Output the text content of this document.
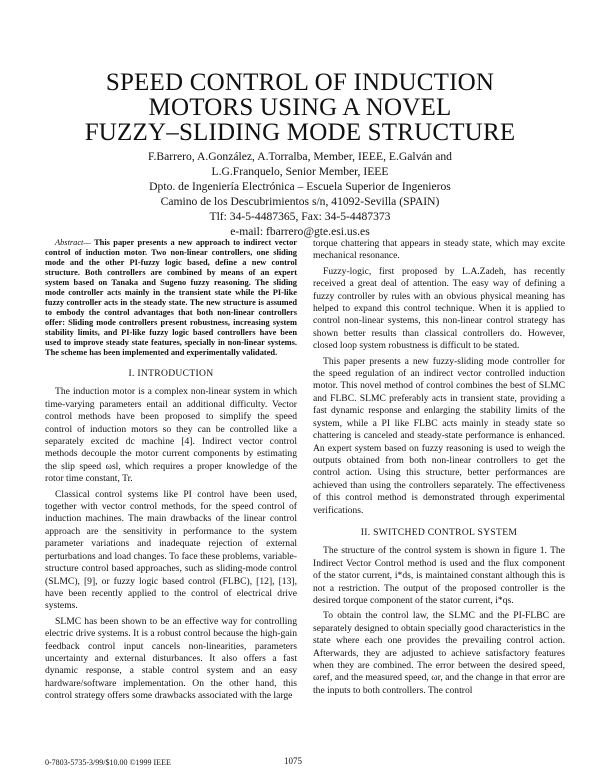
SPEED CONTROL OF INDUCTION
MOTORS USING A NOVEL
FUZZY–SLIDING MODE STRUCTURE
F.Barrero, A.González, A.Torralba, Member, IEEE, E.Galván and
L.G.Franquelo, Senior Member, IEEE
Dpto. de Ingeniería Electrónica – Escuela Superior de Ingenieros
Camino de los Descubrimientos s/n, 41092-Sevilla (SPAIN)
Tlf: 34-5-4487365, Fax: 34-5-4487373
e-mail: fbarrero@gte.esi.us.es

Abstract— This paper presents a new approach to indirect vector control of induction motor. Two non-linear controllers, one sliding mode and the other PI-fuzzy logic based, define a new control structure. Both controllers are combined by means of an expert system based on Tanaka and Sugeno fuzzy reasoning. The sliding mode controller acts mainly in the transient state while the PI-like fuzzy controller acts in the steady state. The new structure is assumed to embody the control advantages that both non-linear controllers offer: Sliding mode controllers present robustness, increasing system stability limits, and PI-like fuzzy logic based controllers have been used to improve steady state features, specially in non-linear systems. The scheme has been implemented and experimentally validated.

I. INTRODUCTION

The induction motor is a complex non-linear system in which time-varying parameters entail an additional difficulty. Vector control methods have been proposed to simplify the speed control of induction motors so they can be controlled like a separately excited dc machine [4]. Indirect vector control methods decouple the motor current components by estimating the slip speed ωsl, which requires a proper knowledge of the rotor time constant, Tr.

Classical control systems like PI control have been used, together with vector control methods, for the speed control of induction machines. The main drawbacks of the linear control approach are the sensitivity in performance to the system parameter variations and inadequate rejection of external perturbations and load changes. To face these problems, variable-structure control based approaches, such as sliding-mode control (SLMC), [9], or fuzzy logic based control (FLBC), [12], [13], have been recently applied to the control of electrical drive systems.

SLMC has been shown to be an effective way for controlling electric drive systems. It is a robust control because the high-gain feedback control input cancels non-linearities, parameters uncertainty and external disturbances. It also offers a fast dynamic response, a stable control system and an easy hardware/software implementation. On the other hand, this control strategy offers some drawbacks associated with the large

torque chattering that appears in steady state, which may excite mechanical resonance.

Fuzzy-logic, first proposed by L.A.Zadeh, has recently received a great deal of attention. The easy way of defining a fuzzy controller by rules with an obvious physical meaning has helped to expand this control technique. When it is applied to control non-linear systems, this non-linear control strategy has shown better results than classical controllers do. However, closed loop system robustness is difficult to be stated.

This paper presents a new fuzzy-sliding mode controller for the speed regulation of an indirect vector controlled induction motor. This novel method of control combines the best of SLMC and FLBC. SLMC preferably acts in transient state, providing a fast dynamic response and enlarging the stability limits of the system, while a PI like FLBC acts mainly in steady state so chattering is canceled and steady-state performance is enhanced. An expert system based on fuzzy reasoning is used to weigh the outputs obtained from both non-linear controllers to get the control action. Using this structure, better performances are achieved than using the controllers separately. The effectiveness of this control method is demonstrated through experimental verifications.

II. SWITCHED CONTROL SYSTEM

The structure of the control system is shown in figure 1. The Indirect Vector Control method is used and the flux component of the stator current, i*ds, is maintained constant although this is not a restriction. The output of the proposed controller is the desired torque component of the stator current, i*qs.

To obtain the control law, the SLMC and the PI-FLBC are separately designed to obtain specially good characteristics in the state where each one provides the prevailing control action. Afterwards, they are adjusted to achieve satisfactory features when they are combined. The error between the desired speed, ωref, and the measured speed, ωr, and the change in that error are the inputs to both controllers. The control

0-7803-5735-3/99/$10.00 ©1999 IEEE	1075
